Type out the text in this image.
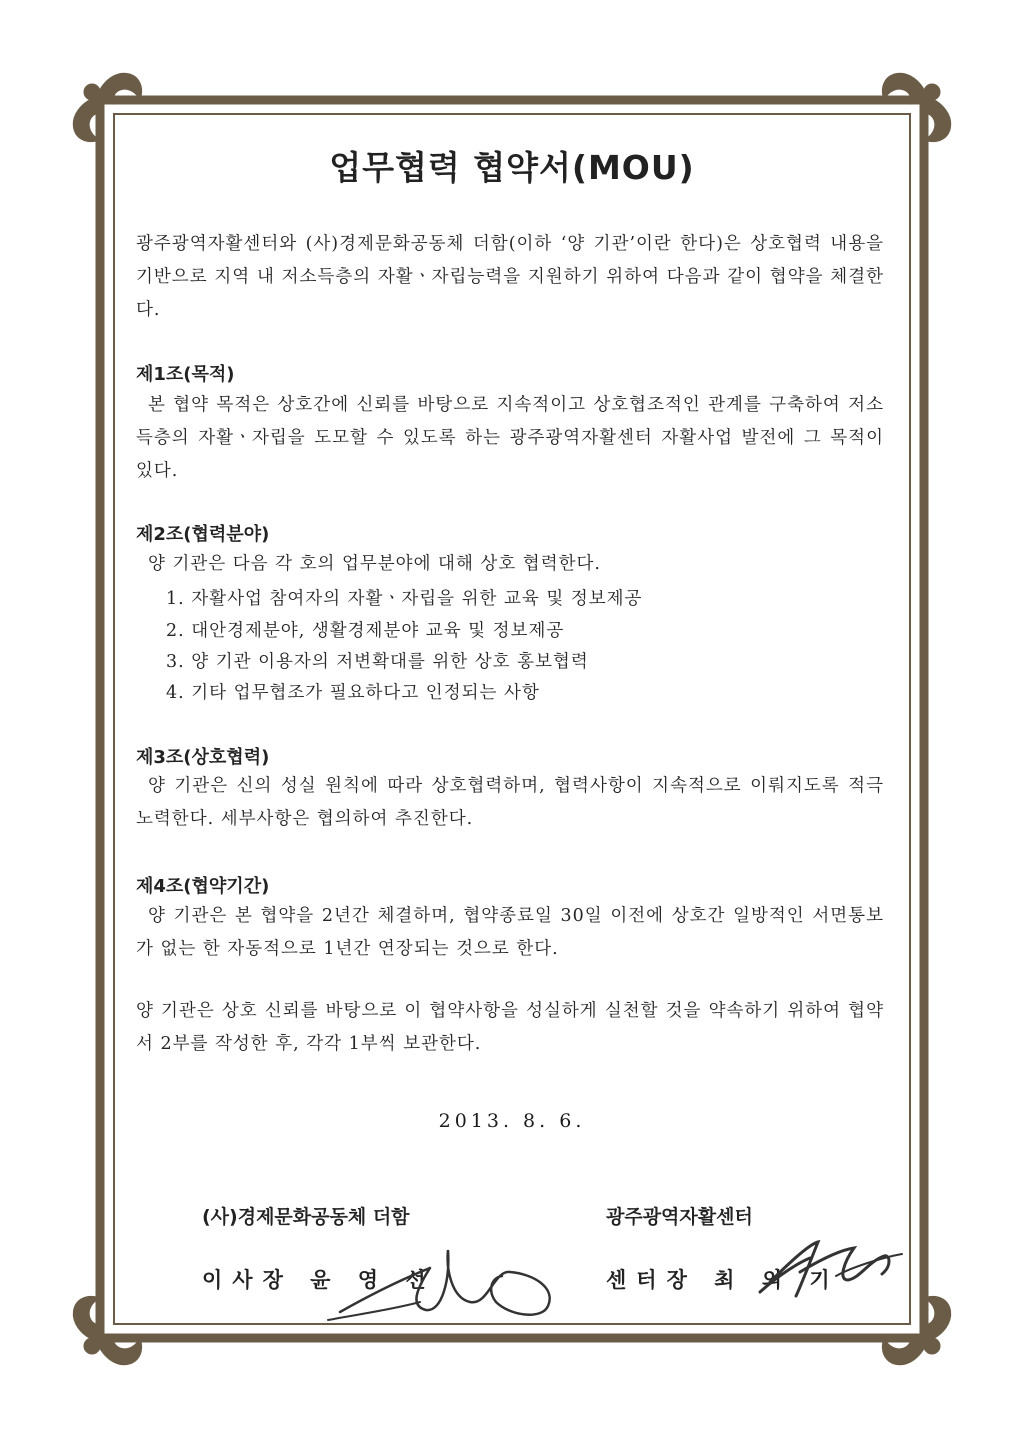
업무협력 협약서(MOU)
광주광역자활센터와 (사)경제문화공동체 더함(이하 ‘양 기관’이란 한다)은 상호협력 내용을 기반으로 지역 내 저소득층의 자활ㆍ자립능력을 지원하기 위하여 다음과 같이 협약을 체결한다.
제1조(목적)
본 협약 목적은 상호간에 신뢰를 바탕으로 지속적이고 상호협조적인 관계를 구축하여 저소득층의 자활ㆍ자립을 도모할 수 있도록 하는 광주광역자활센터 자활사업 발전에 그 목적이 있다.
제2조(협력분야)
양 기관은 다음 각 호의 업무분야에 대해 상호 협력한다.
1. 자활사업 참여자의 자활ㆍ자립을 위한 교육 및 정보제공
2. 대안경제분야, 생활경제분야 교육 및 정보제공
3. 양 기관 이용자의 저변확대를 위한 상호 홍보협력
4. 기타 업무협조가 필요하다고 인정되는 사항
제3조(상호협력)
양 기관은 신의 성실 원칙에 따라 상호협력하며, 협력사항이 지속적으로 이뤄지도록 적극 노력한다. 세부사항은 협의하여 추진한다.
제4조(협약기간)
양 기관은 본 협약을 2년간 체결하며, 협약종료일 30일 이전에 상호간 일방적인 서면통보가 없는 한 자동적으로 1년간 연장되는 것으로 한다.
양 기관은 상호 신뢰를 바탕으로 이 협약사항을 성실하게 실천할 것을 약속하기 위하여 협약서 2부를 작성한 후, 각각 1부씩 보관한다.
2013. 8. 6.
(사)경제문화공동체 더함
이사장 윤 영 선
광주광역자활센터
센터장 최 의 기
